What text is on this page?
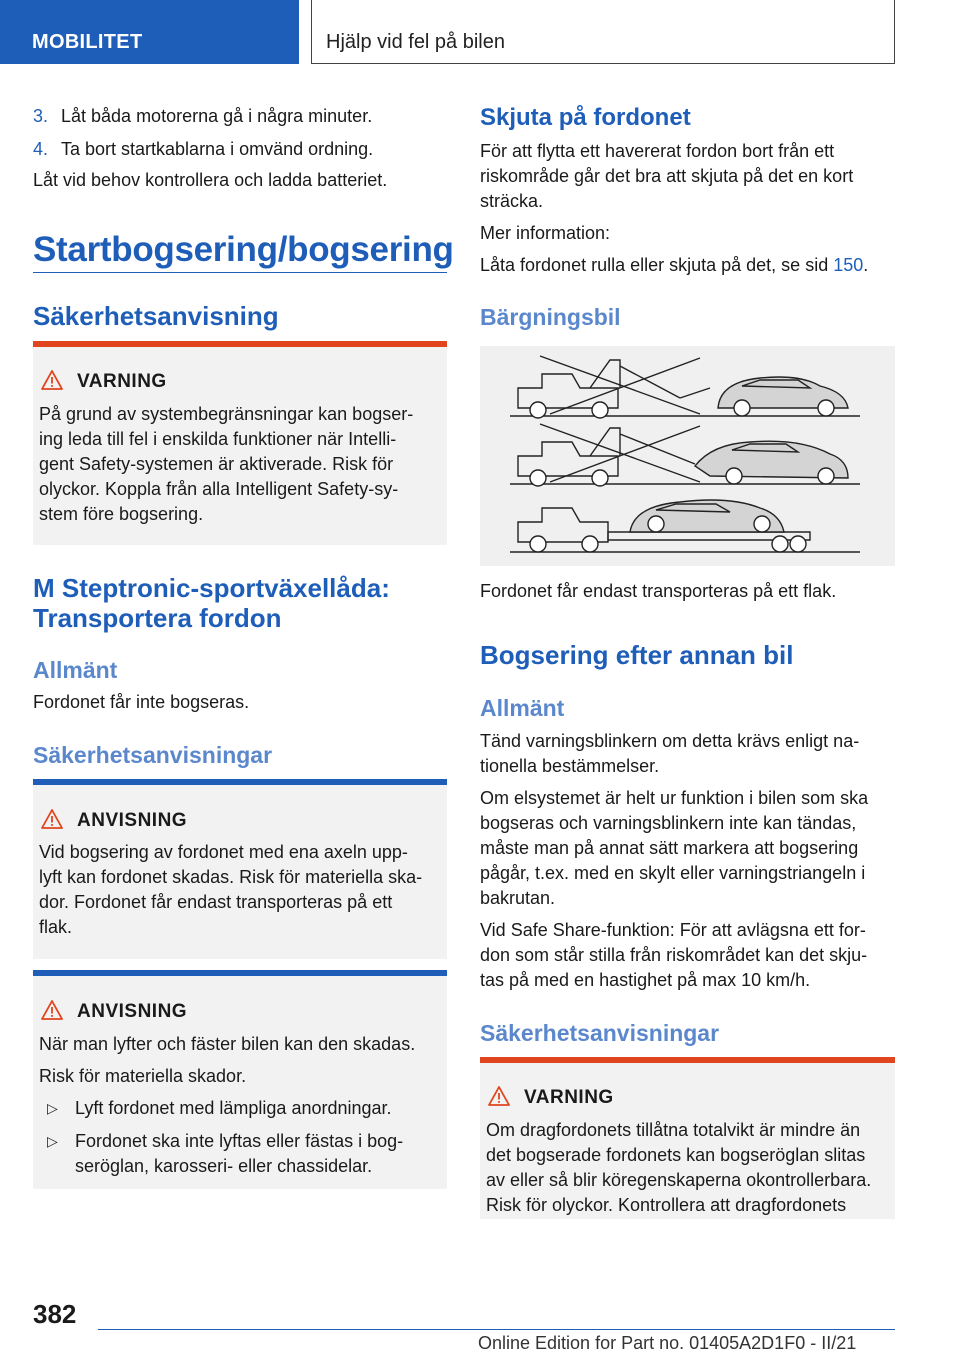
MOBILITET	Hjälp vid fel på bilen
3. Låt båda motorerna gå i några minuter.
4. Ta bort startkablarna i omvänd ordning.
Låt vid behov kontrollera och ladda batteriet.
Startbogsering/bogsering
Säkerhetsanvisning
VARNING
På grund av systembegränsningar kan bogser-
ing leda till fel i enskilda funktioner när Intelli-
gent Safety-systemen är aktiverade. Risk för
olyckor. Koppla från alla Intelligent Safety-sy-
stem före bogsering.
M Steptronic-sportväxellåda:
Transportera fordon
Allmänt
Fordonet får inte bogseras.
Säkerhetsanvisningar
ANVISNING
Vid bogsering av fordonet med ena axeln upp-
lyft kan fordonet skadas. Risk för materiella ska-
dor. Fordonet får endast transporteras på ett
flak.
ANVISNING
När man lyfter och fäster bilen kan den skadas.
Risk för materiella skador.
▷ Lyft fordonet med lämpliga anordningar.
▷ Fordonet ska inte lyftas eller fästas i bog-
seröglan, karosseri- eller chassidelar.
Skjuta på fordonet
För att flytta ett havererat fordon bort från ett
riskområde går det bra att skjuta på det en kort
sträcka.
Mer information:
Låta fordonet rulla eller skjuta på det, se sid 150.
Bärgningsbil
Fordonet får endast transporteras på ett flak.
Bogsering efter annan bil
Allmänt
Tänd varningsblinkern om detta krävs enligt na-
tionella bestämmelser.
Om elsystemet är helt ur funktion i bilen som ska
bogseras och varningsblinkern inte kan tändas,
måste man på annat sätt markera att bogsering
pågår, t.ex. med en skylt eller varningstriangeln i
bakrutan.
Vid Safe Share-funktion: För att avlägsna ett for-
don som står stilla från riskområdet kan det skju-
tas på med en hastighet på max 10 km/h.
Säkerhetsanvisningar
VARNING
Om dragfordonets tillåtna totalvikt är mindre än
det bogserade fordonets kan bogseröglan slitas
av eller så blir köregenskaperna okontrollerbara.
Risk för olyckor. Kontrollera att dragfordonets
382
Online Edition for Part no. 01405A2D1F0 - II/21
